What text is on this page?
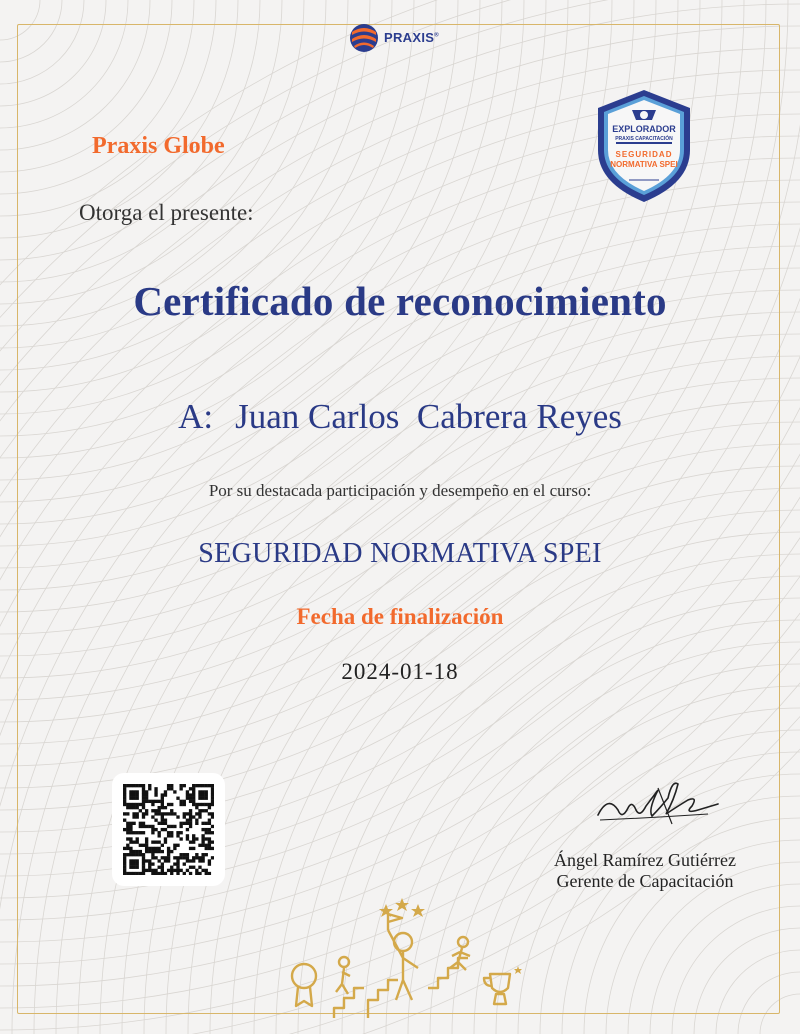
PRAXIS®
EXPLORADOR
PRAXIS CAPACITACIÓN
SEGURIDAD
NORMATIVA SPEI
Praxis Globe
Otorga el presente:
Certificado de reconocimiento
A: Juan Carlos  Cabrera Reyes
Por su destacada participación y desempeño en el curso:
SEGURIDAD NORMATIVA SPEI
Fecha de finalización
2024-01-18
Ángel Ramírez Gutiérrez
Gerente de Capacitación
